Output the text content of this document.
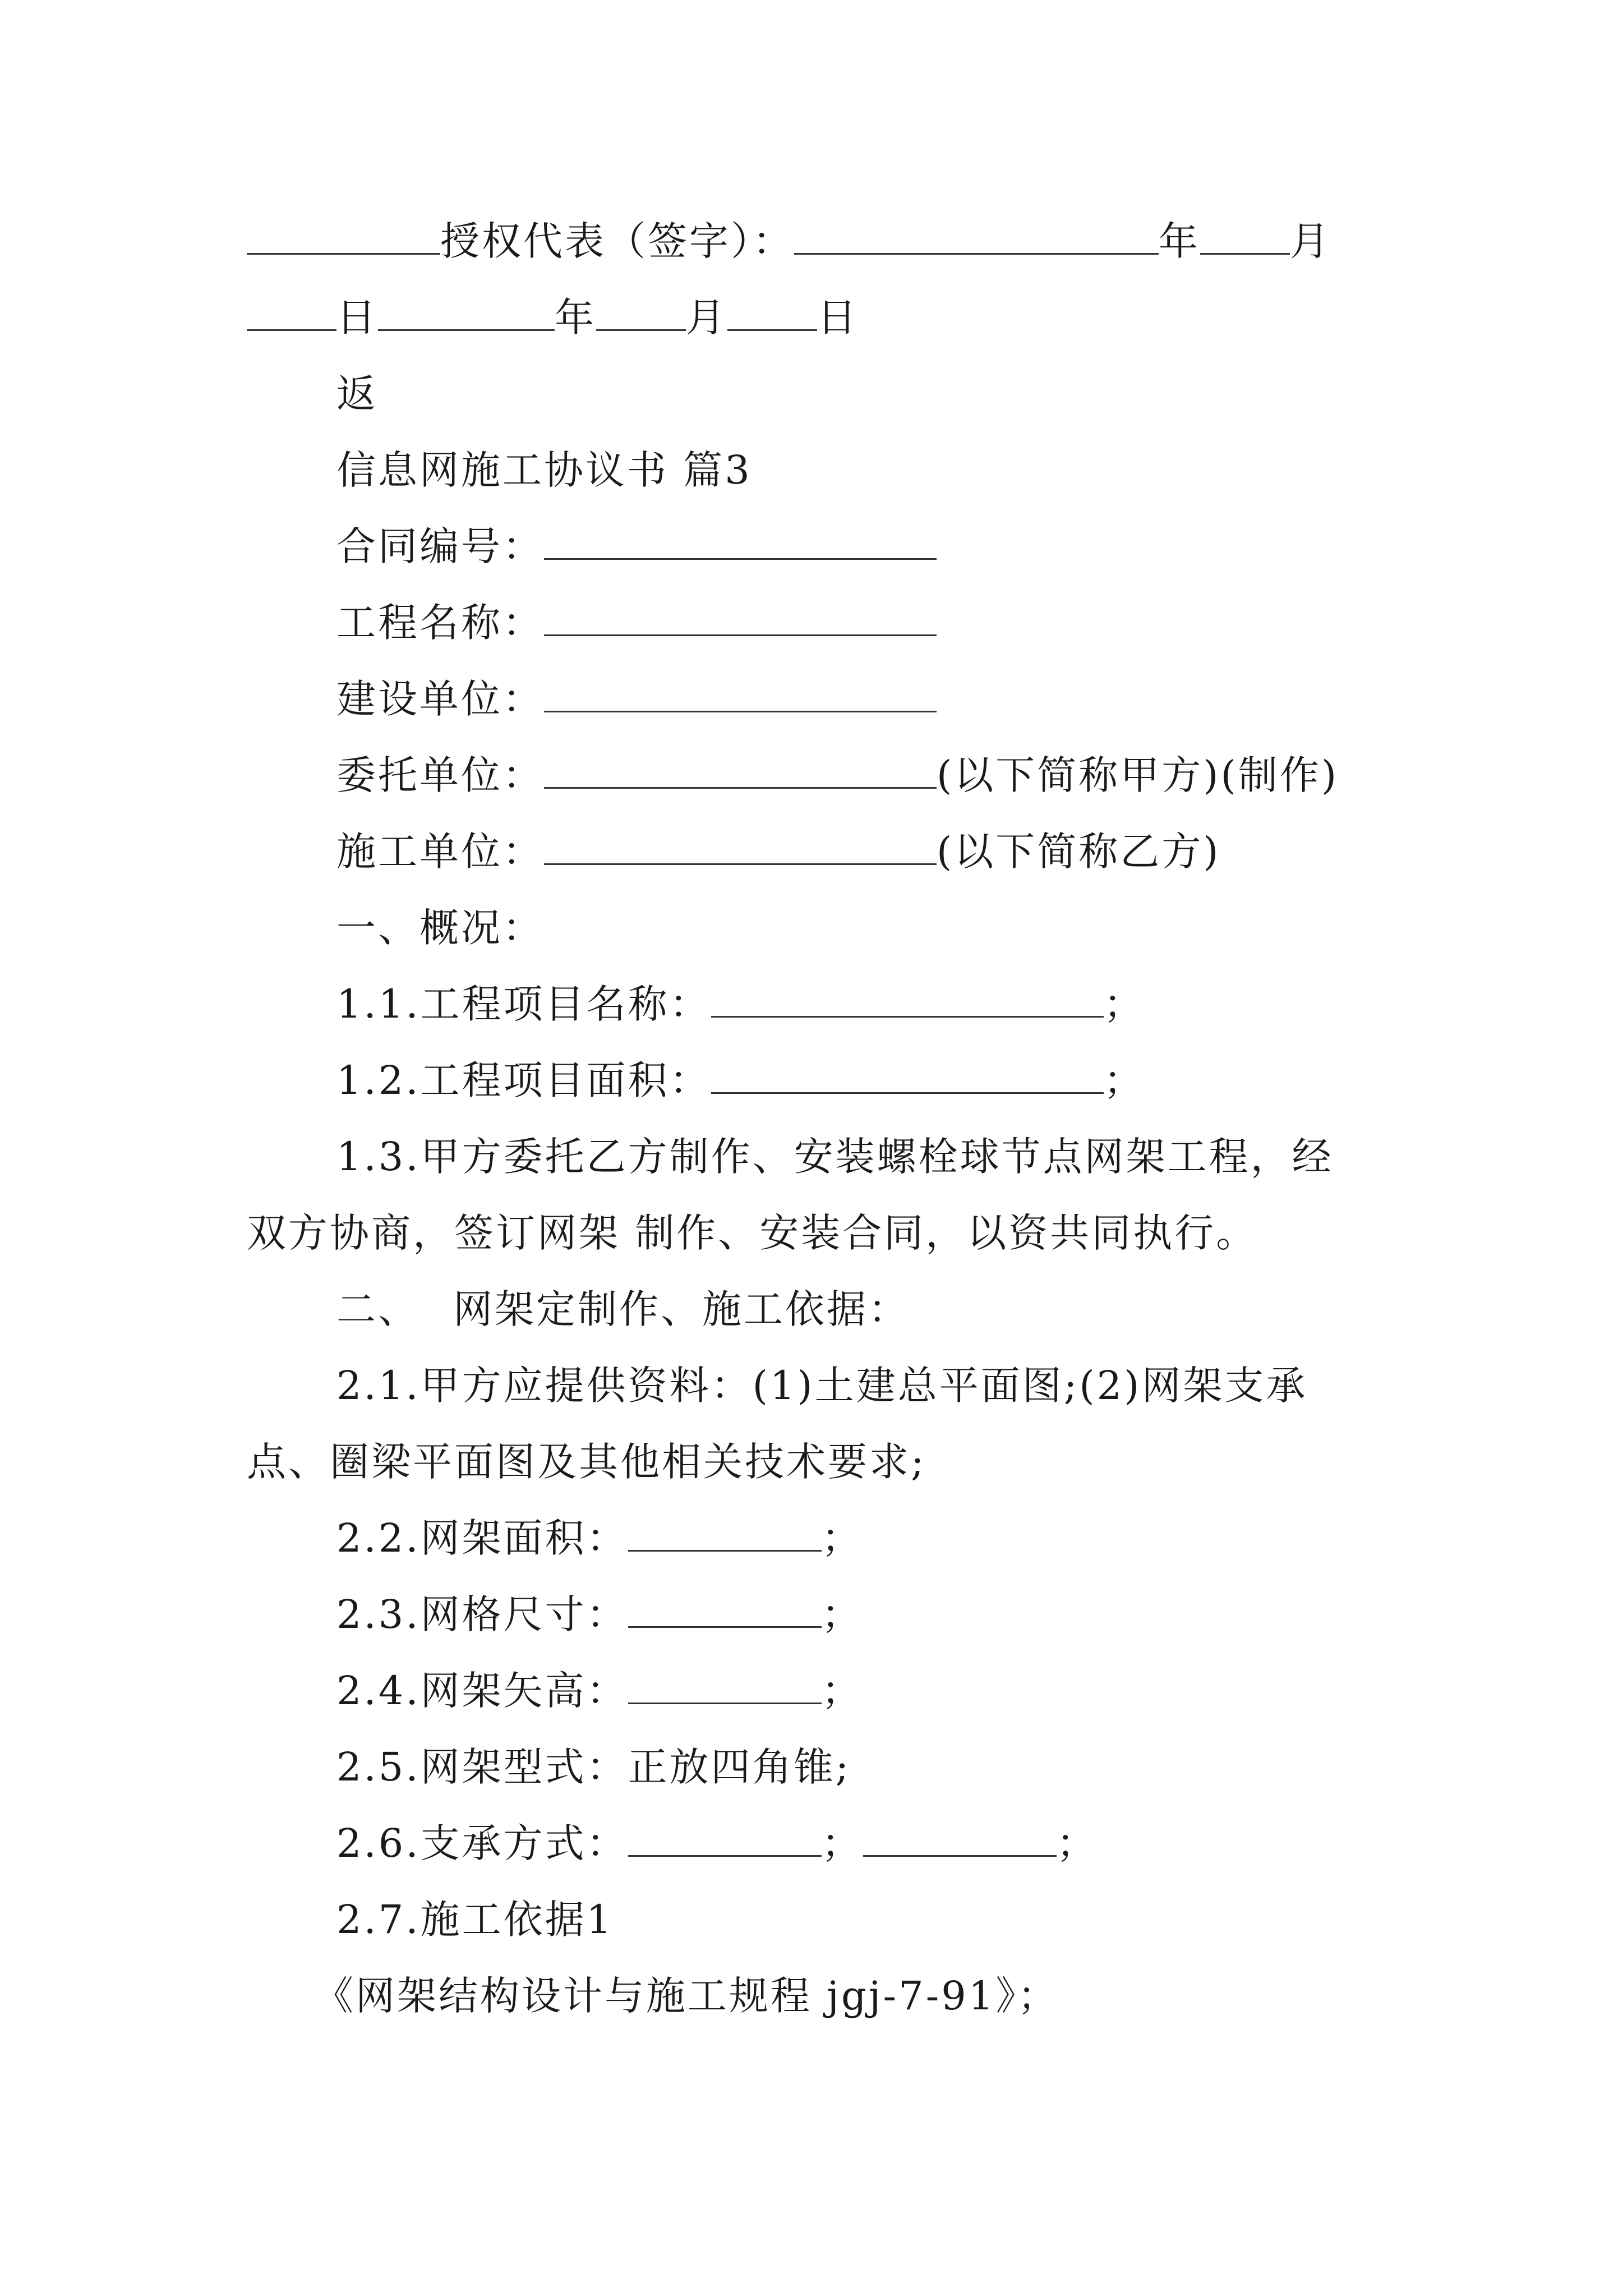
授权代表（签字）：	年 月
日	年 月 日
返
信息网施工协议书 篇3
合同编号：
工程名称：
建设单位：
委托单位：	(以下简称甲方)(制作)
施工单位：	(以下简称乙方)
一、概况：
1.1.工程项目名称：	；
1.2.工程项目面积：	；
1.3.甲方委托乙方制作、安装螺栓球节点网架工程，经
双方协商，签订网架 制作、安装合同，以资共同执行。
二、 网架定制作、施工依据：
2.1.甲方应提供资料：(1)土建总平面图;(2)网架支承
点、圈梁平面图及其他相关技术要求;
2.2.网架面积：	；
2.3.网格尺寸：	；
2.4.网架矢高：	；
2.5.网架型式：正放四角锥;
2.6.支承方式：	；	；
2.7.施工依据1
《网架结构设计与施工规程 jgj-7-91》；
